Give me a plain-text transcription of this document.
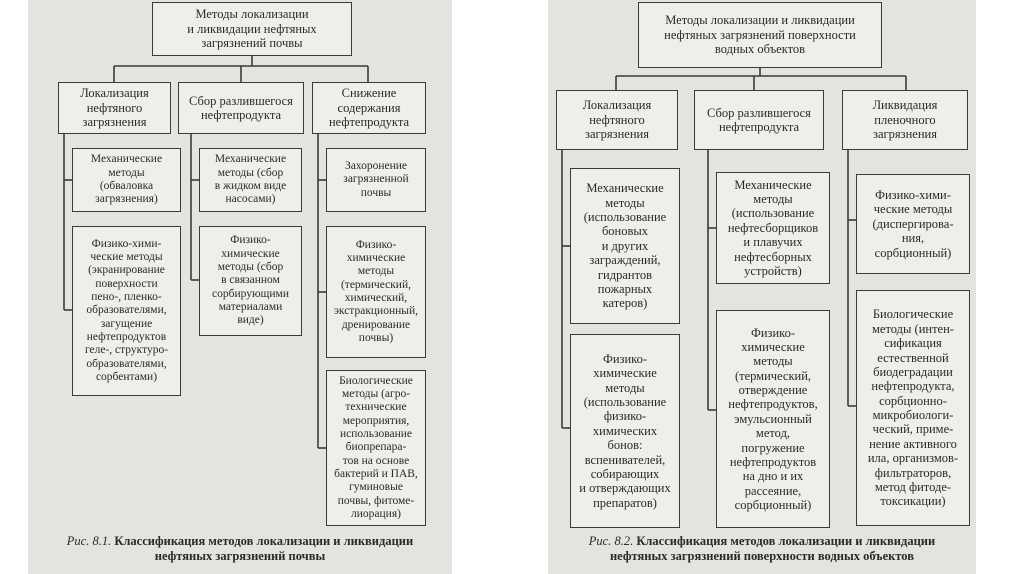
Методы локализации
и ликвидации нефтяных
загрязнений почвы
Локализация
нефтяного
загрязнения
Сбор разлившегося
нефтепродукта
Снижение
содержания
нефтепродукта
Механические
методы
(обваловка
загрязнения)
Физико-хими-
ческие методы
(экранирование
поверхности
пено-, пленко-
образователями,
загущение
нефтепродуктов
геле-, структуро-
образователями,
сорбентами)
Механические
методы (сбор
в жидком виде
насосами)
Физико-
химические
методы (сбор
в связанном
сорбирующими
материалами
виде)
Захоронение
загрязненной
почвы
Физико-
химические
методы
(термический,
химический,
экстракционный,
дренирование
почвы)
Биологические
методы (агро-
технические
мероприятия,
использование
биопрепара-
тов на основе
бактерий и ПАВ,
гуминовые
почвы, фитоме-
лиорация)
Рис. 8.1. Классификация методов локализации и ликвидации
нефтяных загрязнений почвы
Методы локализации и ликвидации
нефтяных загрязнений поверхности
водных объектов
Локализация
нефтяного
загрязнения
Сбор разлившегося
нефтепродукта
Ликвидация
пленочного
загрязнения
Механические
методы
(использование
боновых
и других
заграждений,
гидрантов
пожарных
катеров)
Физико-
химические
методы
(использование
физико-
химических
бонов:
вспенивателей,
собирающих
и отверждающих
препаратов)
Механические
методы
(использование
нефтесборщиков
и плавучих
нефтесборных
устройств)
Физико-
химические
методы
(термический,
отверждение
нефтепродуктов,
эмульсионный
метод,
погружение
нефтепродуктов
на дно и их
рассеяние,
сорбционный)
Физико-хими-
ческие методы
(диспергирова-
ния,
сорбционный)
Биологические
методы (интен-
сификация
естественной
биодеградации
нефтепродукта,
сорбционно-
микробиологи-
ческий, приме-
нение активного
ила, организмов-
фильтраторов,
метод фитоде-
токсикации)
Рис. 8.2. Классификация методов локализации и ликвидации
нефтяных загрязнений поверхности водных объектов
